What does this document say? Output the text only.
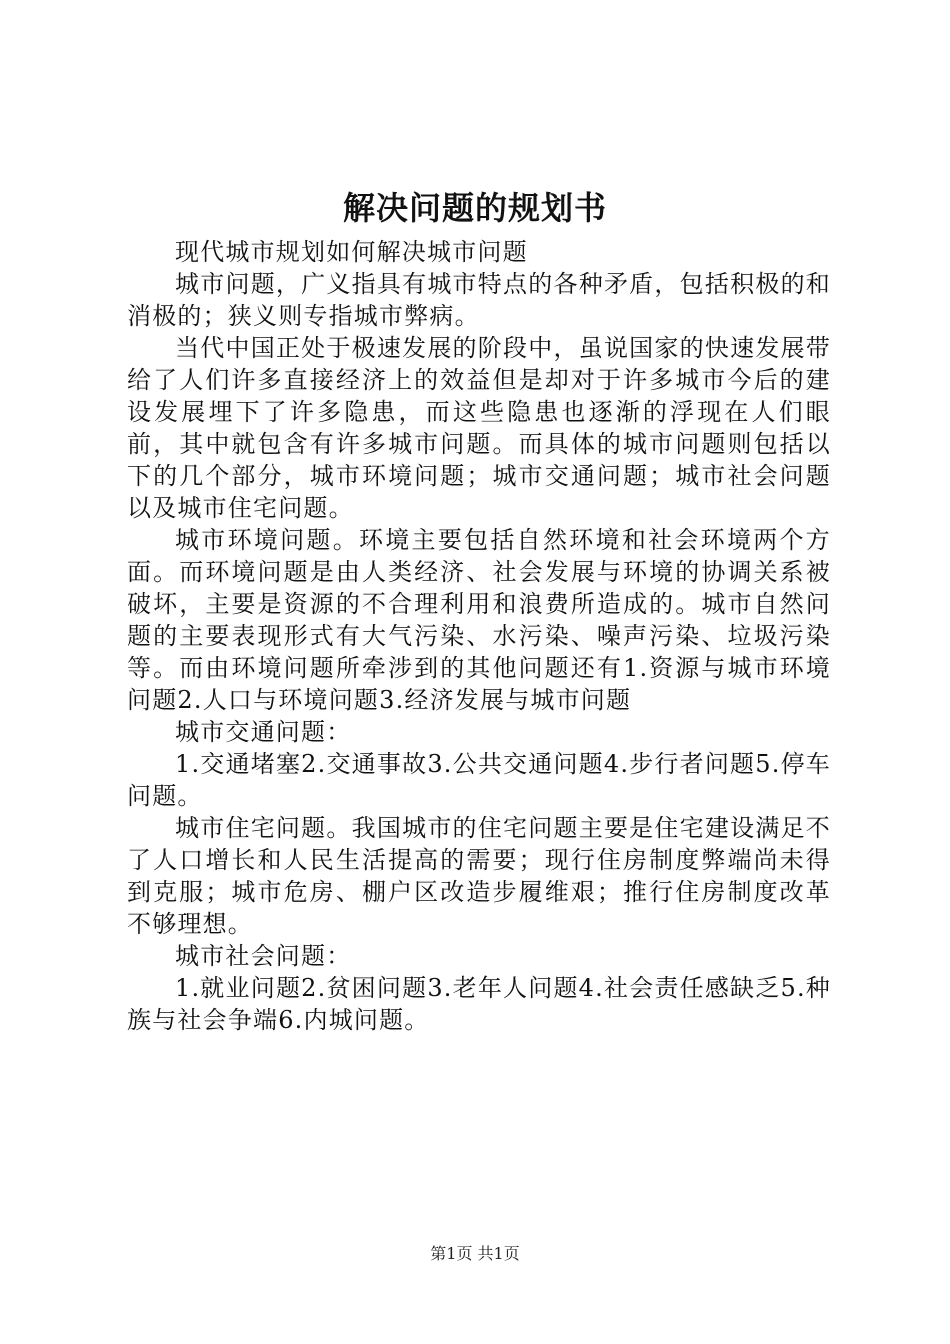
解决问题的规划书

现代城市规划如何解决城市问题

城市问题，广义指具有城市特点的各种矛盾，包括积极的和消极的；狭义则专指城市弊病。

当代中国正处于极速发展的阶段中，虽说国家的快速发展带给了人们许多直接经济上的效益但是却对于许多城市今后的建设发展埋下了许多隐患，而这些隐患也逐渐的浮现在人们眼前，其中就包含有许多城市问题。而具体的城市问题则包括以下的几个部分，城市环境问题；城市交通问题；城市社会问题以及城市住宅问题。

城市环境问题。环境主要包括自然环境和社会环境两个方面。而环境问题是由人类经济、社会发展与环境的协调关系被破坏，主要是资源的不合理利用和浪费所造成的。城市自然问题的主要表现形式有大气污染、水污染、噪声污染、垃圾污染等。而由环境问题所牵涉到的其他问题还有1.资源与城市环境问题2.人口与环境问题3.经济发展与城市问题

城市交通问题：

1.交通堵塞2.交通事故3.公共交通问题4.步行者问题5.停车问题。

城市住宅问题。我国城市的住宅问题主要是住宅建设满足不了人口增长和人民生活提高的需要；现行住房制度弊端尚未得到克服；城市危房、棚户区改造步履维艰；推行住房制度改革不够理想。

城市社会问题：

1.就业问题2.贫困问题3.老年人问题4.社会责任感缺乏5.种族与社会争端6.内城问题。

第1页 共1页
